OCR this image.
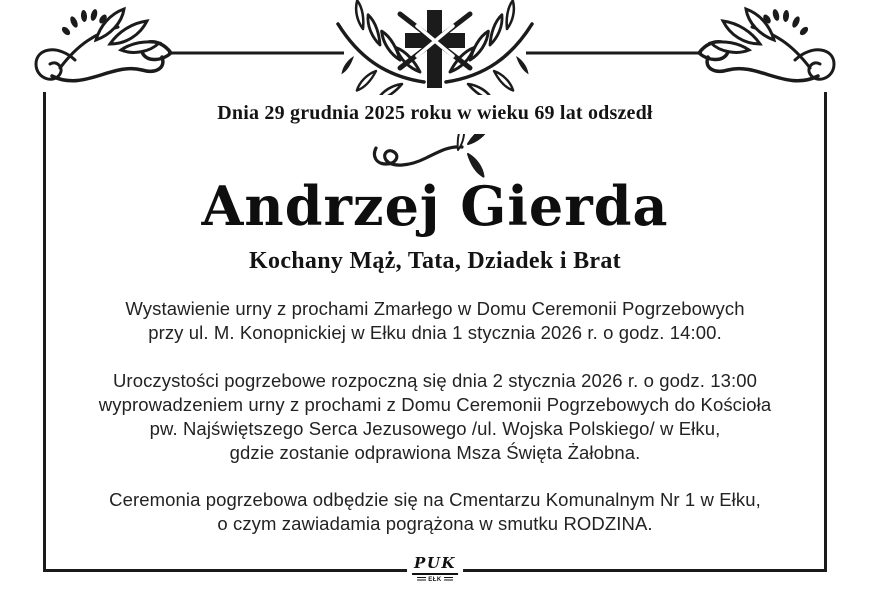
Dnia 29 grudnia 2025 roku w wieku 69 lat odszedł
Andrzej Gierda
Kochany Mąż, Tata, Dziadek i Brat
Wystawienie urny z prochami Zmarłego w Domu Ceremonii Pogrzebowych
przy ul. M. Konopnickiej w Ełku dnia 1 stycznia 2026 r. o godz. 14:00.
Uroczystości pogrzebowe rozpoczną się dnia 2 stycznia 2026 r. o godz. 13:00
wyprowadzeniem urny z prochami z Domu Ceremonii Pogrzebowych do Kościoła
pw. Najświętszego Serca Jezusowego /ul. Wojska Polskiego/ w Ełku,
gdzie zostanie odprawiona Msza Święta Żałobna.
Ceremonia pogrzebowa odbędzie się na Cmentarzu Komunalnym Nr 1 w Ełku,
o czym zawiadamia pogrążona w smutku RODZINA.
PUK
EŁK
